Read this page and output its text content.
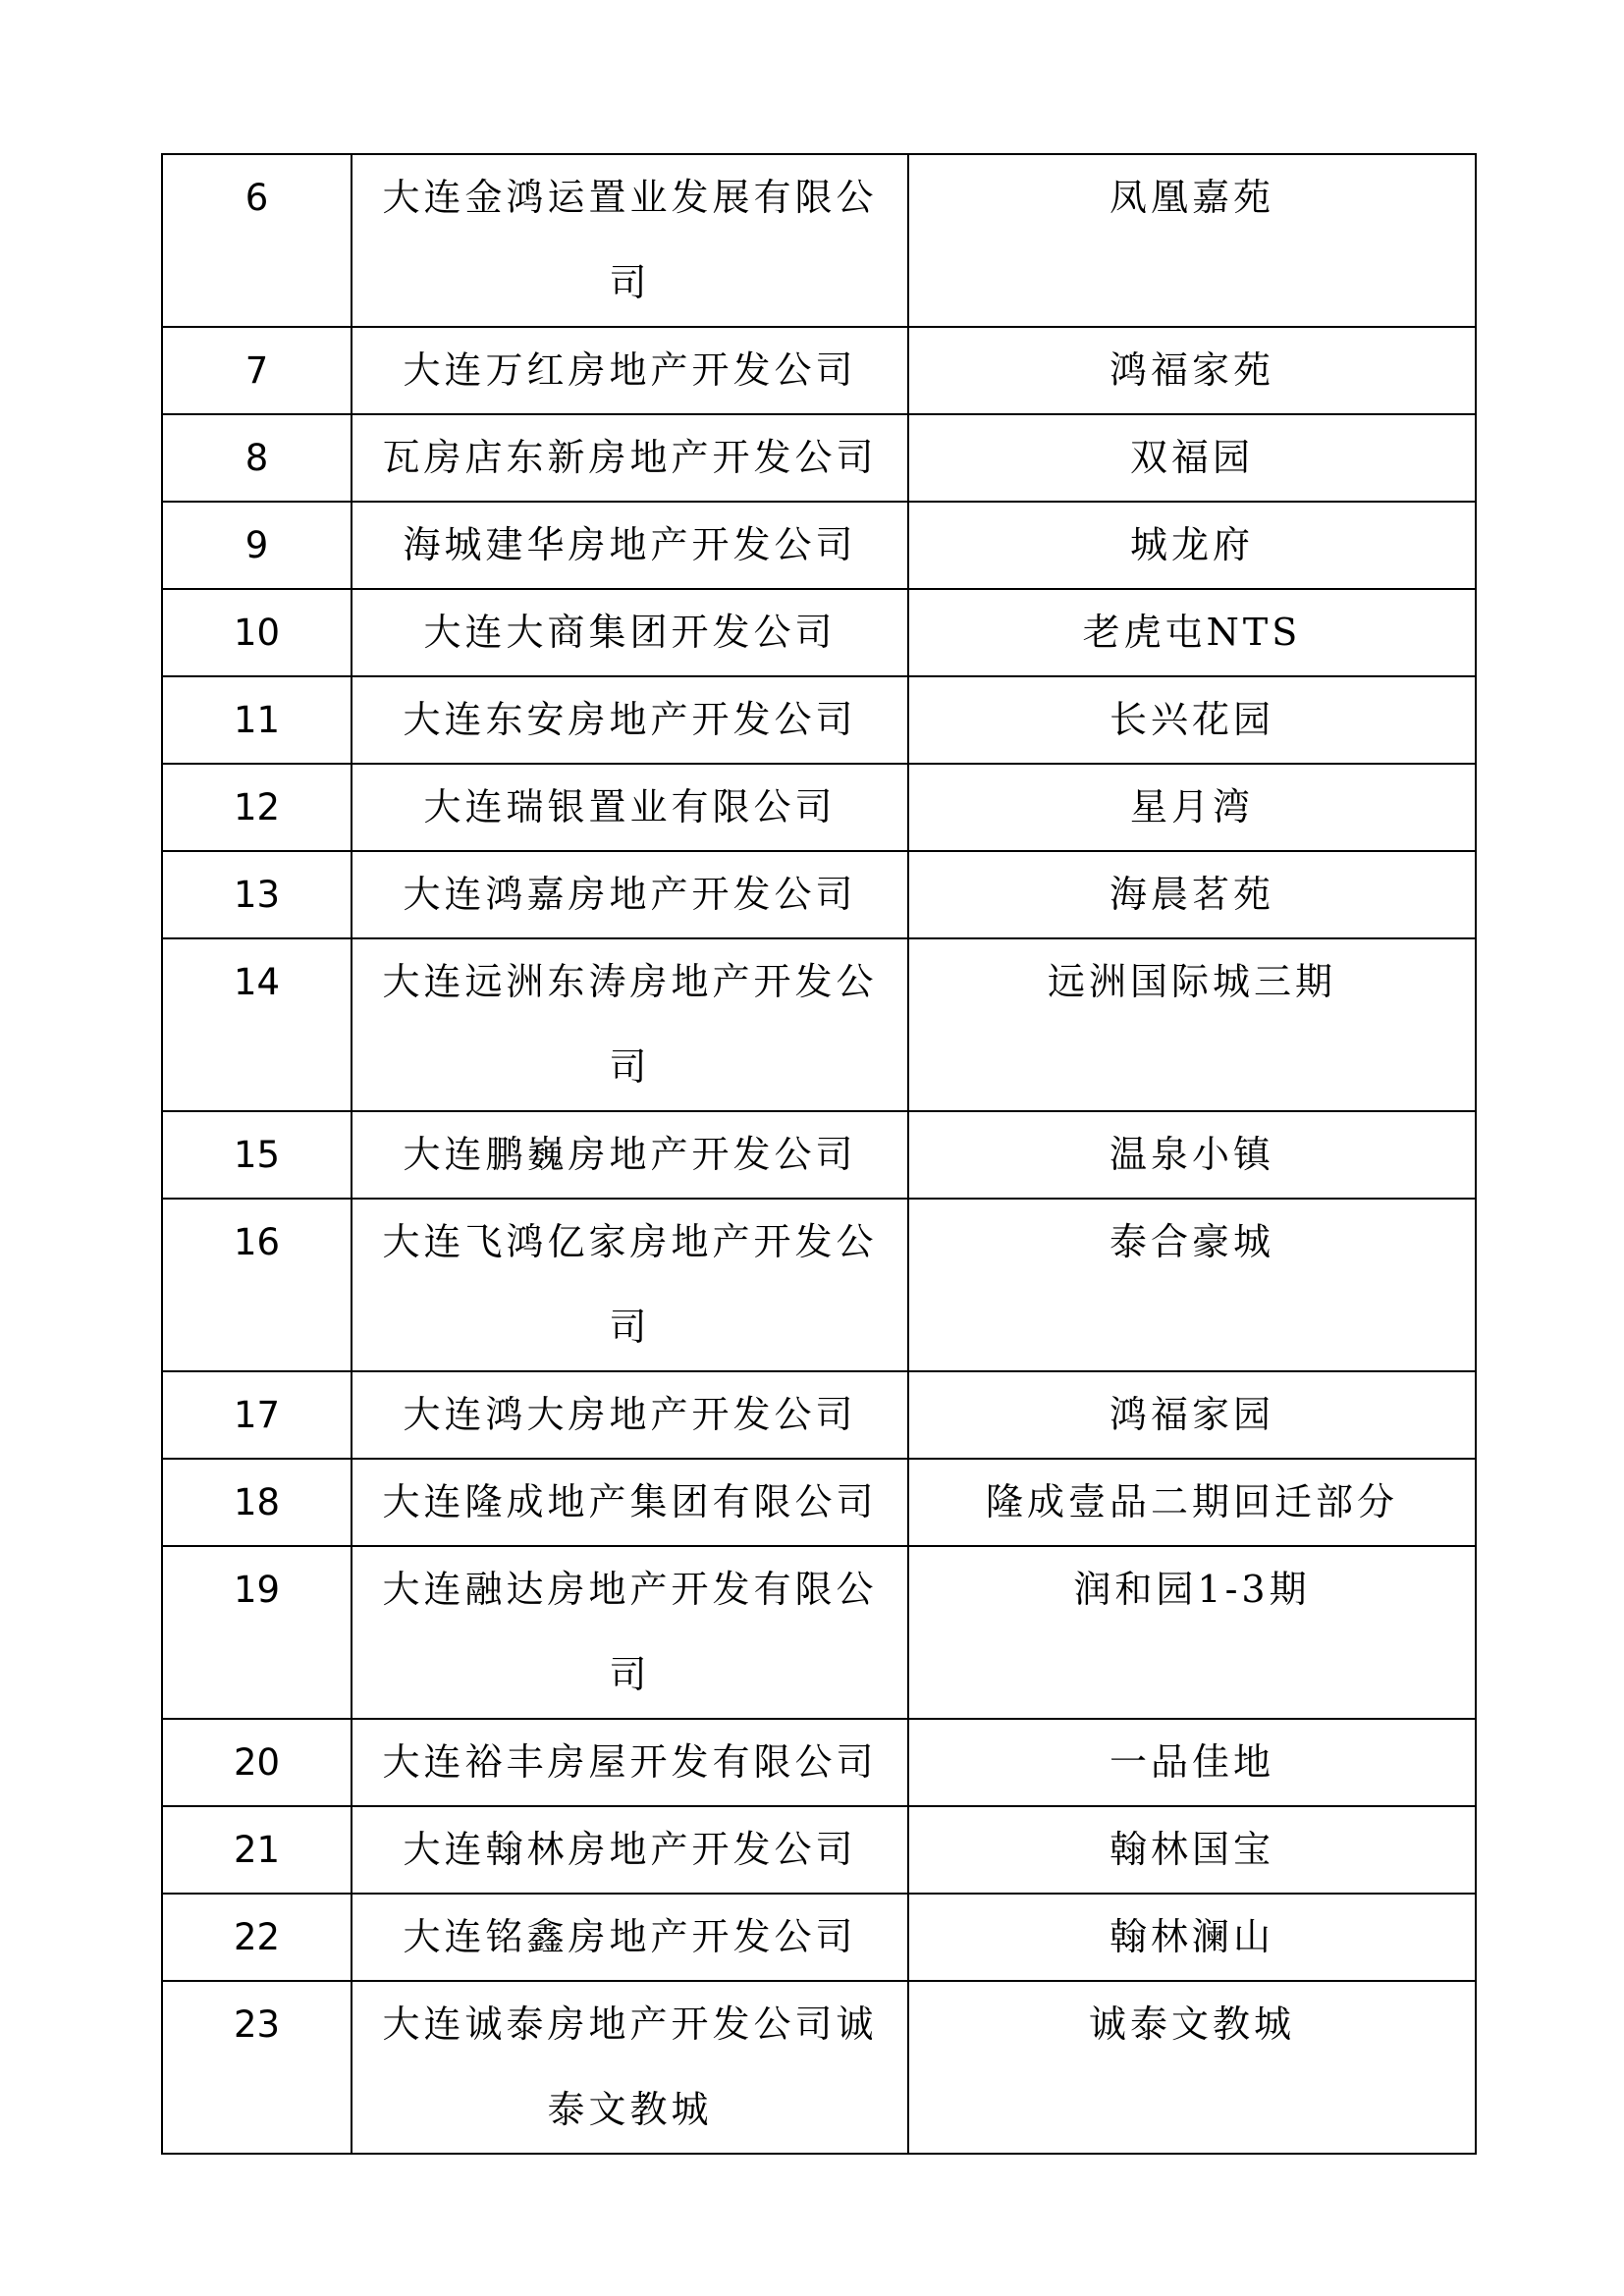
6	大连金鸿运置业发展有限公司	凤凰嘉苑
7	大连万红房地产开发公司	鸿福家苑
8	瓦房店东新房地产开发公司	双福园
9	海城建华房地产开发公司	城龙府
10	大连大商集团开发公司	老虎屯NTS
11	大连东安房地产开发公司	长兴花园
12	大连瑞银置业有限公司	星月湾
13	大连鸿嘉房地产开发公司	海晨茗苑
14	大连远洲东涛房地产开发公司	远洲国际城三期
15	大连鹏巍房地产开发公司	温泉小镇
16	大连飞鸿亿家房地产开发公司	泰合豪城
17	大连鸿大房地产开发公司	鸿福家园
18	大连隆成地产集团有限公司	隆成壹品二期回迁部分
19	大连融达房地产开发有限公司	润和园1-3期
20	大连裕丰房屋开发有限公司	一品佳地
21	大连翰林房地产开发公司	翰林国宝
22	大连铭鑫房地产开发公司	翰林澜山
23	大连诚泰房地产开发公司诚泰文教城	诚泰文教城
